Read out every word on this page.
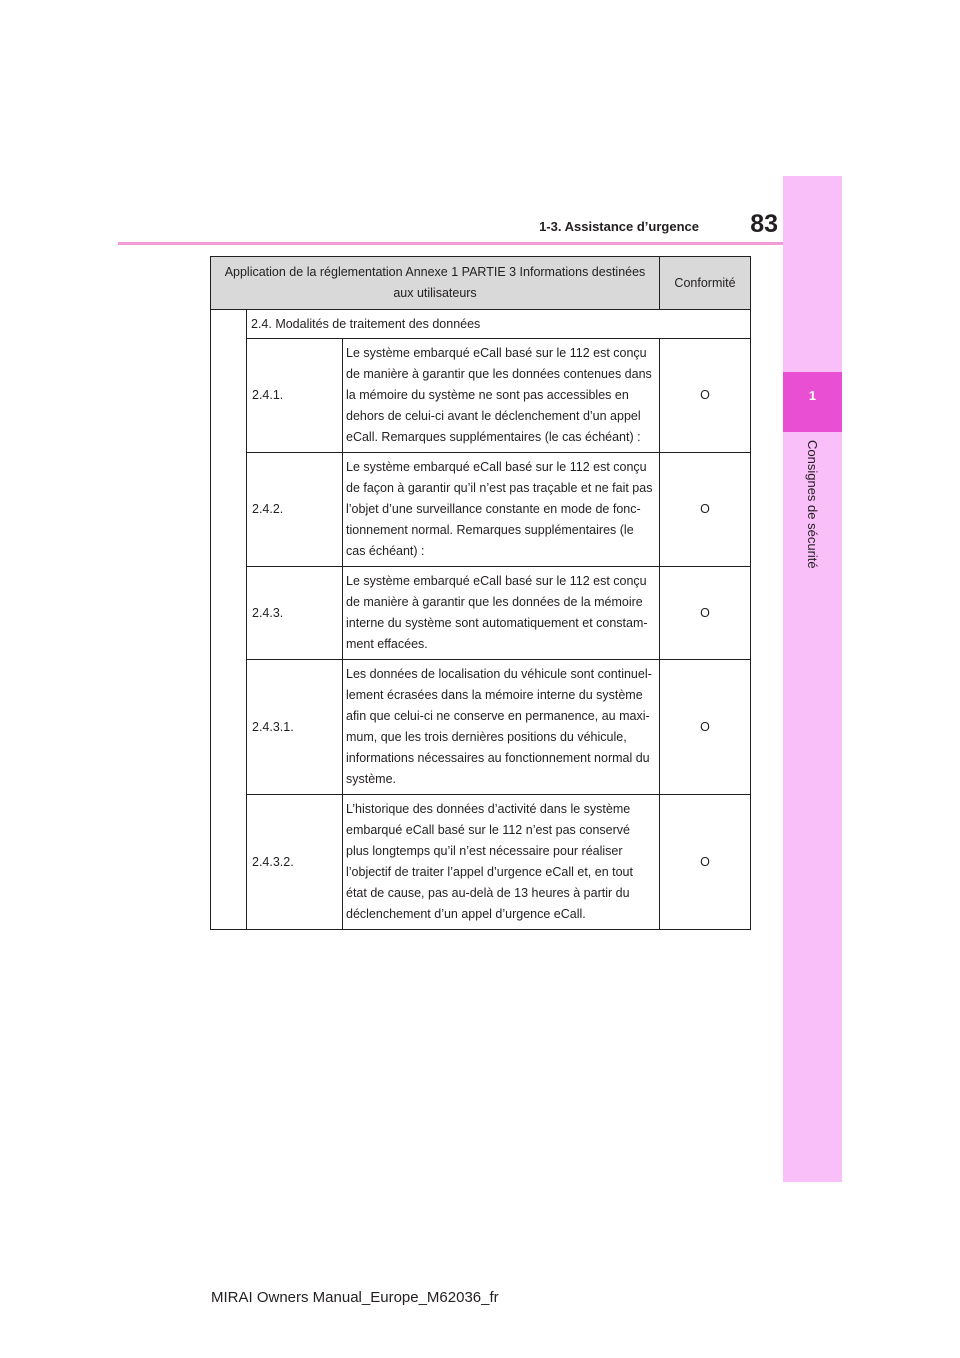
1
Consignes de sécurité
83
1-3. Assistance d’urgence
Application de la réglementation Annexe 1 PARTIE 3 Informations destinées aux utilisateurs			Conformité
	2.4. Modalités de traitement des données		
	2.4.1.	Le système embarqué eCall basé sur le 112 est conçu de manière à garantir que les données contenues dans la mémoire du système ne sont pas accessibles en dehors de celui-ci avant le déclenchement d’un appel eCall. Remarques supplémentaires (le cas échéant) :	O
	2.4.2.	Le système embarqué eCall basé sur le 112 est conçu de façon à garantir qu’il n’est pas traçable et ne fait pas l’objet d’une surveillance constante en mode de fonc-tionnement normal. Remarques supplémentaires (le cas échéant) :	O
	2.4.3.	Le système embarqué eCall basé sur le 112 est conçu de manière à garantir que les données de la mémoire interne du système sont automatiquement et constam-ment effacées.	O
	2.4.3.1.	Les données de localisation du véhicule sont continuel-lement écrasées dans la mémoire interne du système afin que celui-ci ne conserve en permanence, au maxi-mum, que les trois dernières positions du véhicule, informations nécessaires au fonctionnement normal du système.	O
	2.4.3.2.	L’historique des données d’activité dans le système embarqué eCall basé sur le 112 n’est pas conservé plus longtemps qu’il n’est nécessaire pour réaliser l’objectif de traiter l’appel d’urgence eCall et, en tout état de cause, pas au-delà de 13 heures à partir du déclenchement d’un appel d’urgence eCall.	O
MIRAI Owners Manual_Europe_M62036_fr
